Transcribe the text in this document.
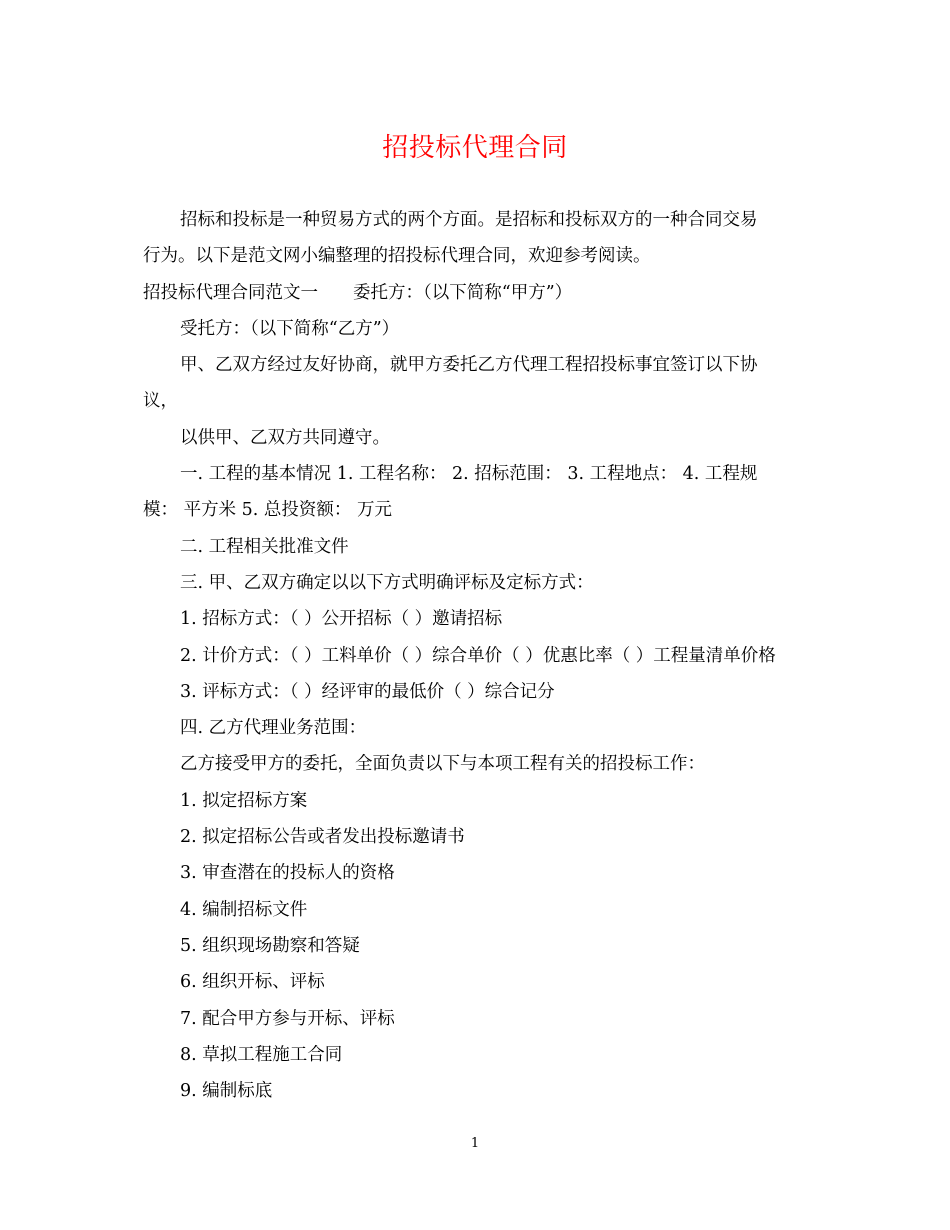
招投标代理合同
招标和投标是一种贸易方式的两个方面。是招标和投标双方的一种合同交易
行为。以下是范文网小编整理的招投标代理合同，欢迎参考阅读。
招投标代理合同范文一　　委托方：（以下简称“甲方”）
受托方：（以下简称“乙方”）
甲、乙双方经过友好协商，就甲方委托乙方代理工程招投标事宜签订以下协
议，
以供甲、乙双方共同遵守。
一. 工程的基本情况 1. 工程名称： 2. 招标范围： 3. 工程地点： 4. 工程规
模： 平方米 5. 总投资额： 万元
二. 工程相关批准文件
三. 甲、乙双方确定以以下方式明确评标及定标方式：
1. 招标方式：（ ）公开招标（ ）邀请招标
2. 计价方式：（ ）工料单价（ ）综合单价（ ）优惠比率（ ）工程量清单价格
3. 评标方式：（ ）经评审的最低价（ ）综合记分
四. 乙方代理业务范围：
乙方接受甲方的委托，全面负责以下与本项工程有关的招投标工作：
1. 拟定招标方案
2. 拟定招标公告或者发出投标邀请书
3. 审查潜在的投标人的资格
4. 编制招标文件
5. 组织现场勘察和答疑
6. 组织开标、评标
7. 配合甲方参与开标、评标
8. 草拟工程施工合同
9. 编制标底
1
